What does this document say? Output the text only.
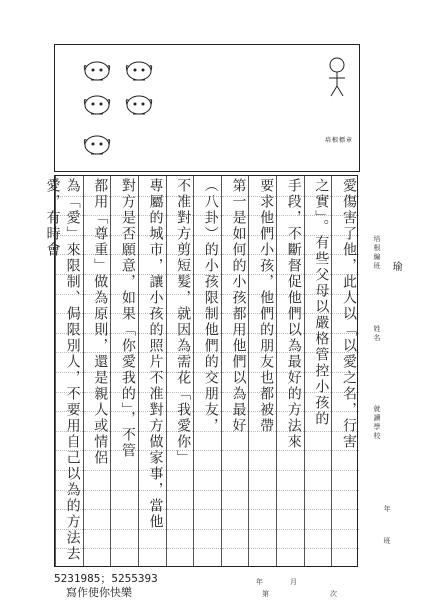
培根標章
愛傷害了他，此人以「以愛之名，行害
之實」。有些父母以嚴格管控小孩的
手段，不斷督促他們以為最好的方法來
要求他們小孩，他們的朋友也都被帶
第一是如何的小孩都用他們以為最好
（八卦）的小孩限制他們的交朋友，
不准對方剪短髮，就因為需花「我愛你」
專屬的城市，讓小孩的照片不准對方做家事，當他
對方是否願意，如果「你愛我的」，不管
都用「尊重」做為原則，還是親人或情侶
為「愛」來限制、侷限別人，不要用自己以為的方法去愛，有時會	培根編班
姓名
就讀學校
年
班
瑜
5231985；5255393
寫作使你快樂
年	月
第	次
